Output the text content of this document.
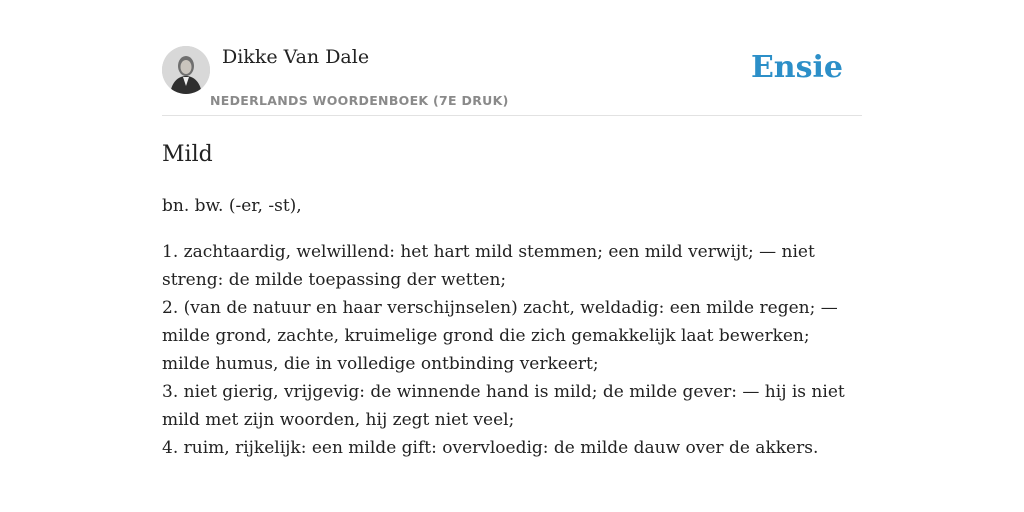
Dikke Van Dale
NEDERLANDS WOORDENBOEK (7E DRUK)
Ensie
Mild
bn. bw. (-er, -st),
1. zachtaardig, welwillend: het hart mild stemmen; een mild verwijt; — niet streng: de milde toepassing der wetten;
2. (van de natuur en haar verschijnselen) zacht, weldadig: een milde regen; — milde grond, zachte, kruimelige grond die zich gemakkelijk laat bewerken; milde humus, die in volledige ontbinding verkeert;
3. niet gierig, vrijgevig: de winnende hand is mild; de milde gever: — hij is niet mild met zijn woorden, hij zegt niet veel;
4. ruim, rijkelijk: een milde gift: overvloedig: de milde dauw over de akkers.
